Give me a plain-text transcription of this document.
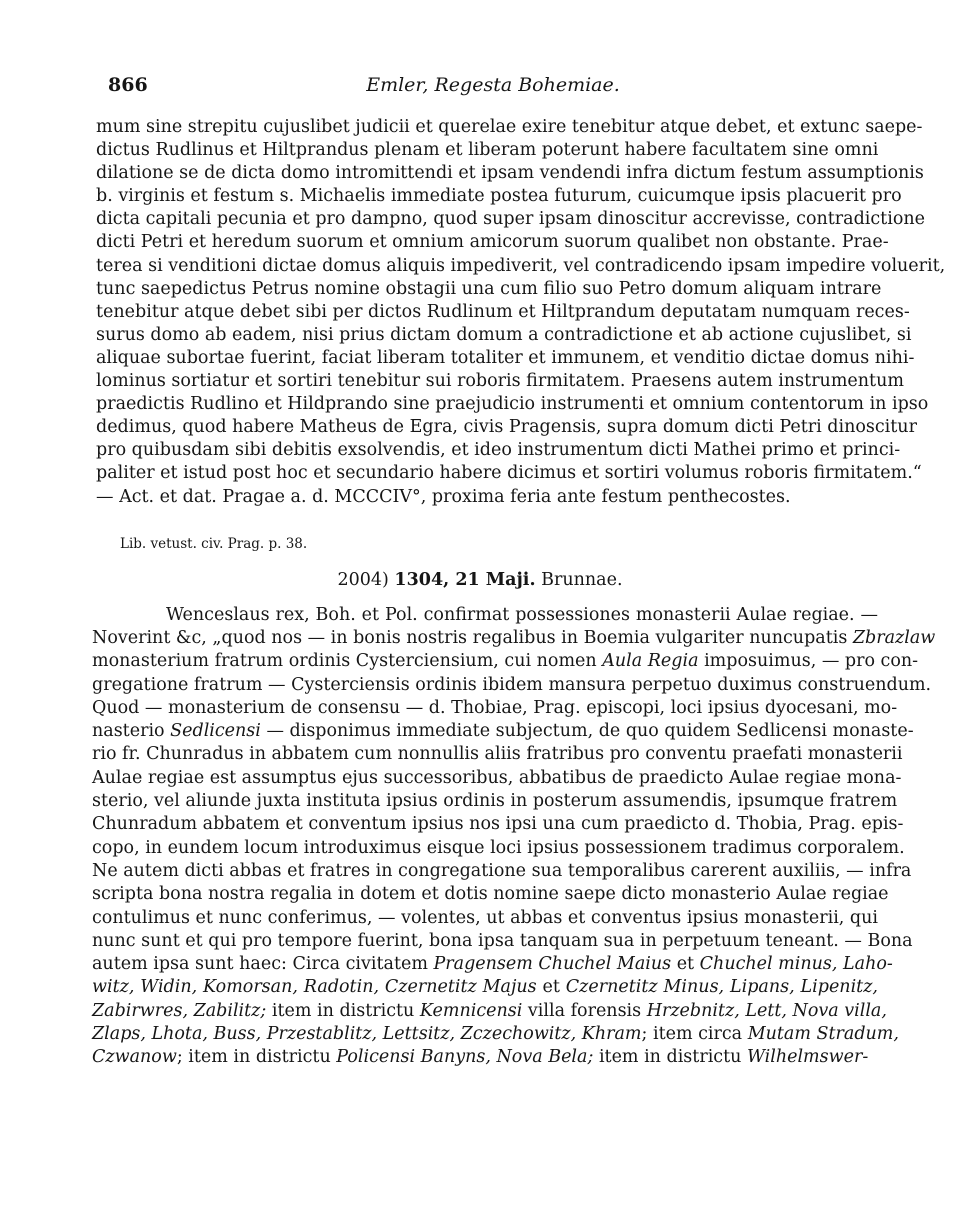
866	Emler, Regesta Bohemiae.
mum sine strepitu cujuslibet judicii et querelae exire tenebitur atque debet, et extunc saepe-
dictus Rudlinus et Hiltprandus plenam et liberam poterunt habere facultatem sine omni
dilatione se de dicta domo intromittendi et ipsam vendendi infra dictum festum assumptionis
b. virginis et festum s. Michaelis immediate postea futurum, cuicumque ipsis placuerit pro
dicta capitali pecunia et pro dampno, quod super ipsam dinoscitur accrevisse, contradictione
dicti Petri et heredum suorum et omnium amicorum suorum qualibet non obstante. Prae-
terea si venditioni dictae domus aliquis impediverit, vel contradicendo ipsam impedire voluerit,
tunc saepedictus Petrus nomine obstagii una cum filio suo Petro domum aliquam intrare
tenebitur atque debet sibi per dictos Rudlinum et Hiltprandum deputatam numquam reces-
surus domo ab eadem, nisi prius dictam domum a contradictione et ab actione cujuslibet, si
aliquae subortae fuerint, faciat liberam totaliter et immunem, et venditio dictae domus nihi-
lominus sortiatur et sortiri tenebitur sui roboris firmitatem. Praesens autem instrumentum
praedictis Rudlino et Hildprando sine praejudicio instrumenti et omnium contentorum in ipso
dedimus, quod habere Matheus de Egra, civis Pragensis, supra domum dicti Petri dinoscitur
pro quibusdam sibi debitis exsolvendis, et ideo instrumentum dicti Mathei primo et princi-
paliter et istud post hoc et secundario habere dicimus et sortiri volumus roboris firmitatem.“
— Act. et dat. Pragae a. d. MCCCIV°, proxima feria ante festum penthecostes.
Lib. vetust. civ. Prag. p. 38.
2004) 1304, 21 Maji. Brunnae.
Wenceslaus rex, Boh. et Pol. confirmat possessiones monasterii Aulae regiae. —
Noverint &c, „quod nos — in bonis nostris regalibus in Boemia vulgariter nuncupatis Zbrazlaw
monasterium fratrum ordinis Cysterciensium, cui nomen Aula Regia imposuimus, — pro con-
gregatione fratrum — Cysterciensis ordinis ibidem mansura perpetuo duximus construendum.
Quod — monasterium de consensu — d. Thobiae, Prag. episcopi, loci ipsius dyocesani, mo-
nasterio Sedlicensi — disponimus immediate subjectum, de quo quidem Sedlicensi monaste-
rio fr. Chunradus in abbatem cum nonnullis aliis fratribus pro conventu praefati monasterii
Aulae regiae est assumptus ejus successoribus, abbatibus de praedicto Aulae regiae mona-
sterio, vel aliunde juxta instituta ipsius ordinis in posterum assumendis, ipsumque fratrem
Chunradum abbatem et conventum ipsius nos ipsi una cum praedicto d. Thobia, Prag. epis-
copo, in eundem locum introduximus eisque loci ipsius possessionem tradimus corporalem.
Ne autem dicti abbas et fratres in congregatione sua temporalibus carerent auxiliis, — infra
scripta bona nostra regalia in dotem et dotis nomine saepe dicto monasterio Aulae regiae
contulimus et nunc conferimus, — volentes, ut abbas et conventus ipsius monasterii, qui
nunc sunt et qui pro tempore fuerint, bona ipsa tanquam sua in perpetuum teneant. — Bona
autem ipsa sunt haec: Circa civitatem Pragensem Chuchel Maius et Chuchel minus, Laho-
witz, Widin, Komorsan, Radotin, Czernetitz Majus et Czernetitz Minus, Lipans, Lipenitz,
Zabirwres, Zabilitz; item in districtu Kemnicensi villa forensis Hrzebnitz, Lett, Nova villa,
Zlaps, Lhota, Buss, Przestablitz, Lettsitz, Zczechowitz, Khram; item circa Mutam Stradum,
Czwanow; item in districtu Policensi Banyns, Nova Bela; item in districtu Wilhelmswer-
